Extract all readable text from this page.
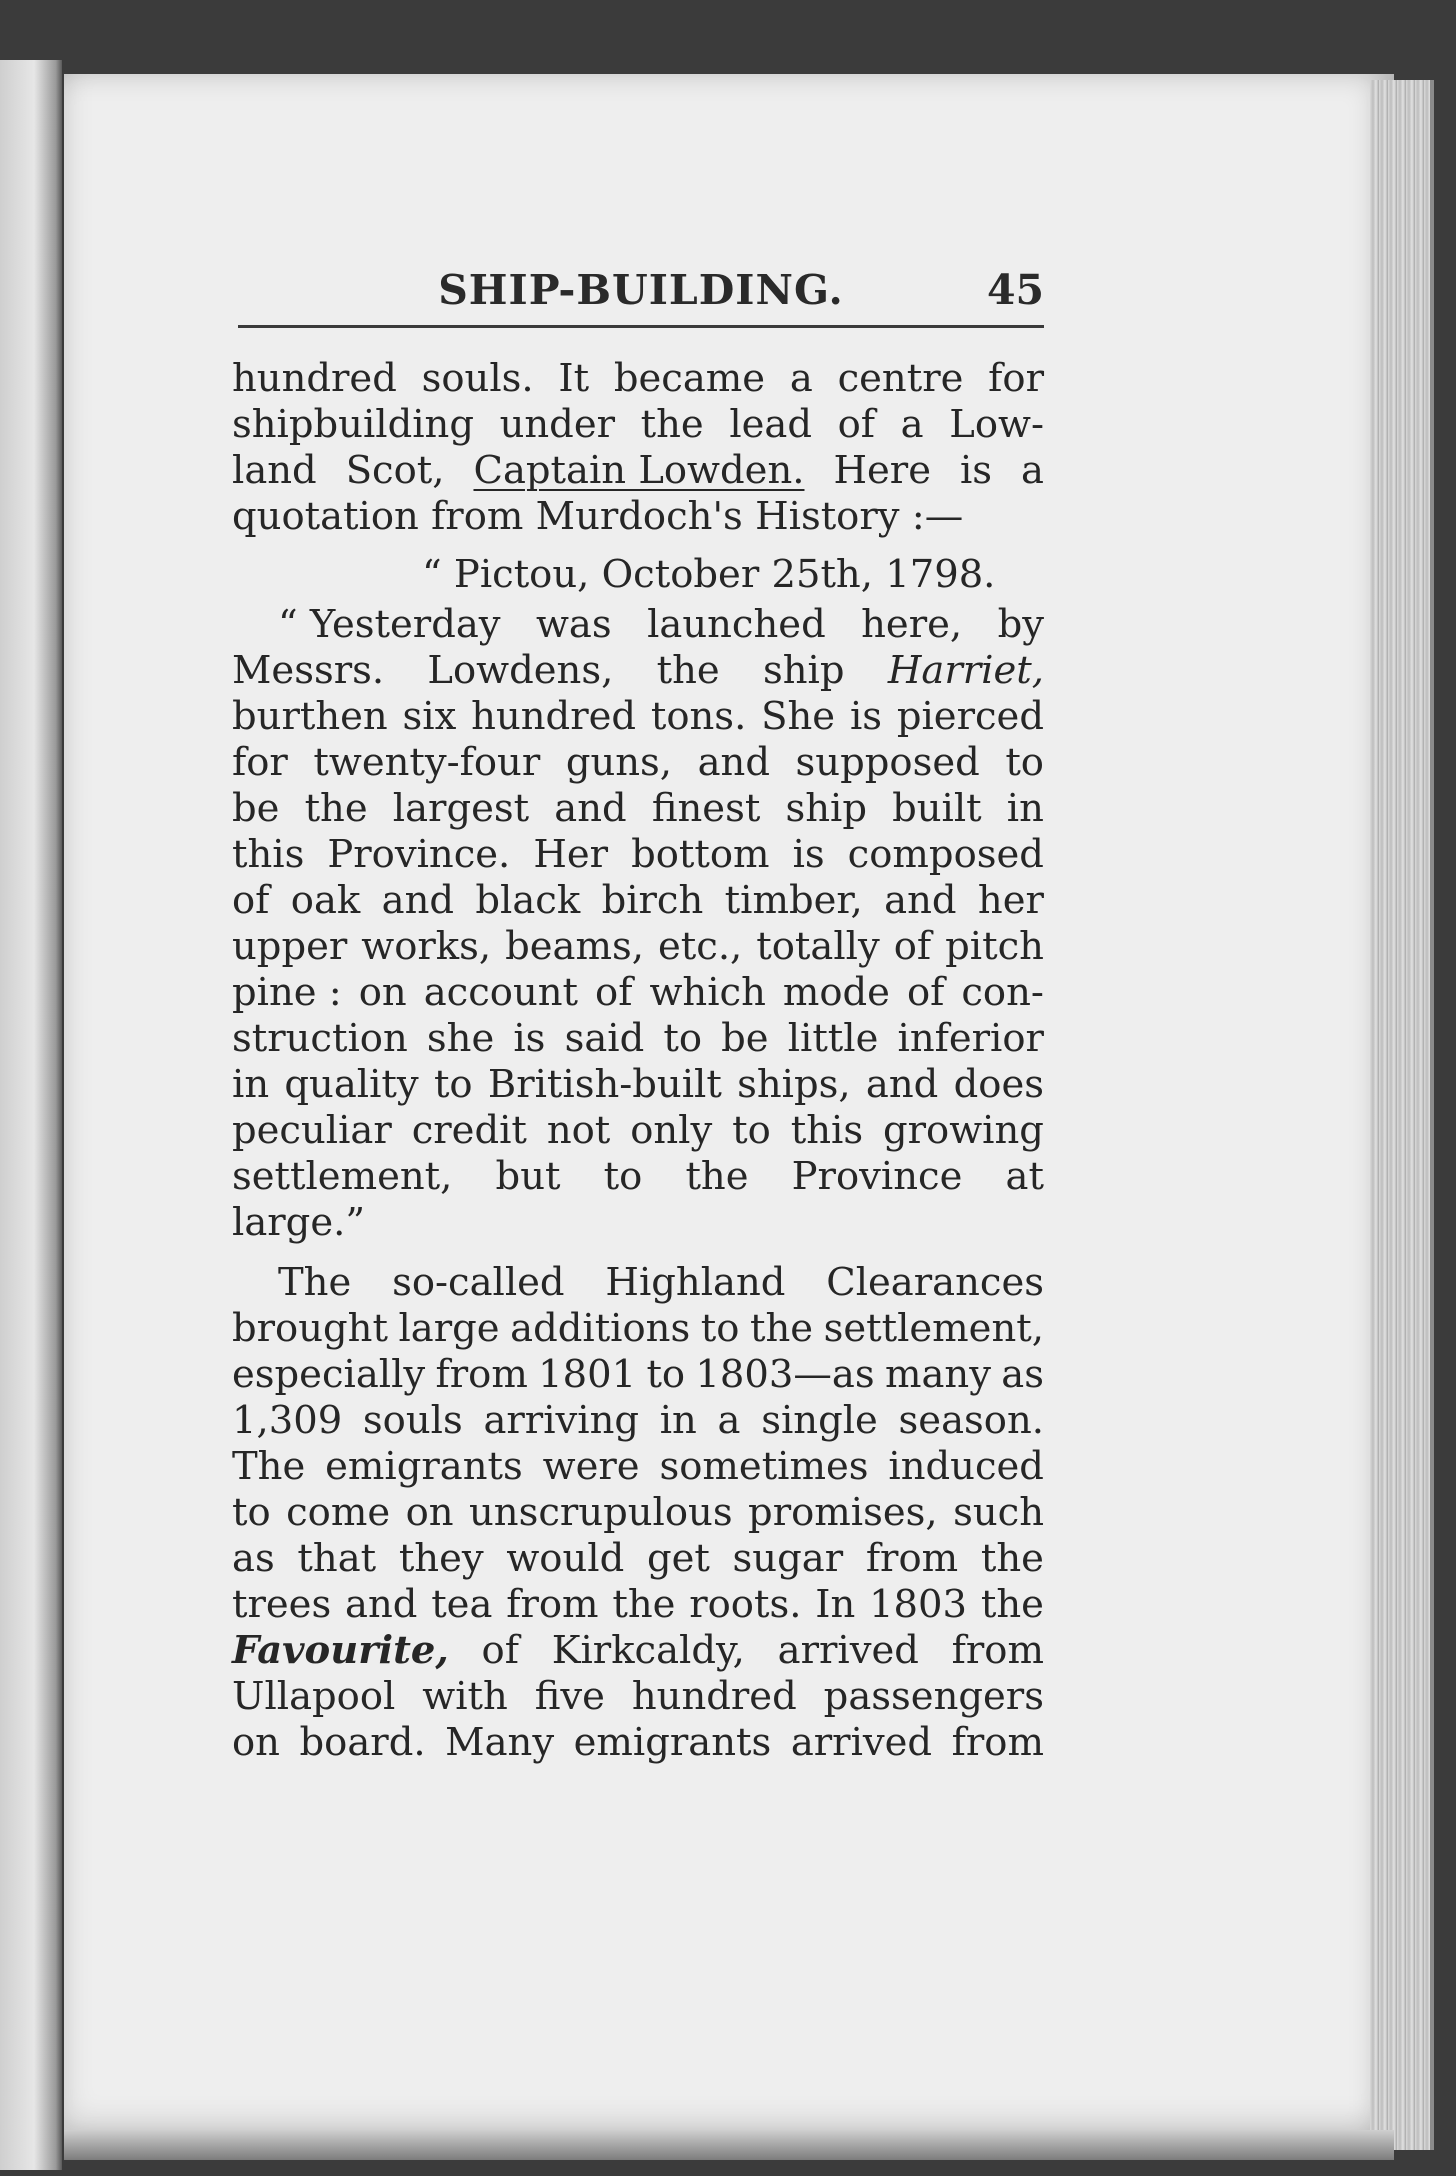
SHIP-BUILDING.	45
hundred souls. It became a centre for
shipbuilding under the lead of a Low-
land Scot, Captain Lowden. Here is a
quotation from Murdoch's History :—
“ Pictou, October 25th, 1798.
“ Yesterday was launched here, by
Messrs. Lowdens, the ship Harriet,
burthen six hundred tons. She is pierced
for twenty-four guns, and supposed to
be the largest and finest ship built in
this Province. Her bottom is composed
of oak and black birch timber, and her
upper works, beams, etc., totally of pitch
pine : on account of which mode of con-
struction she is said to be little inferior
in quality to British-built ships, and does
peculiar credit not only to this growing
settlement, but to the Province at
large.”
The so-called Highland Clearances
brought large additions to the settlement,
especially from 1801 to 1803—as many as
1,309 souls arriving in a single season.
The emigrants were sometimes induced
to come on unscrupulous promises, such
as that they would get sugar from the
trees and tea from the roots. In 1803 the
Favourite, of Kirkcaldy, arrived from
Ullapool with five hundred passengers
on board. Many emigrants arrived from
